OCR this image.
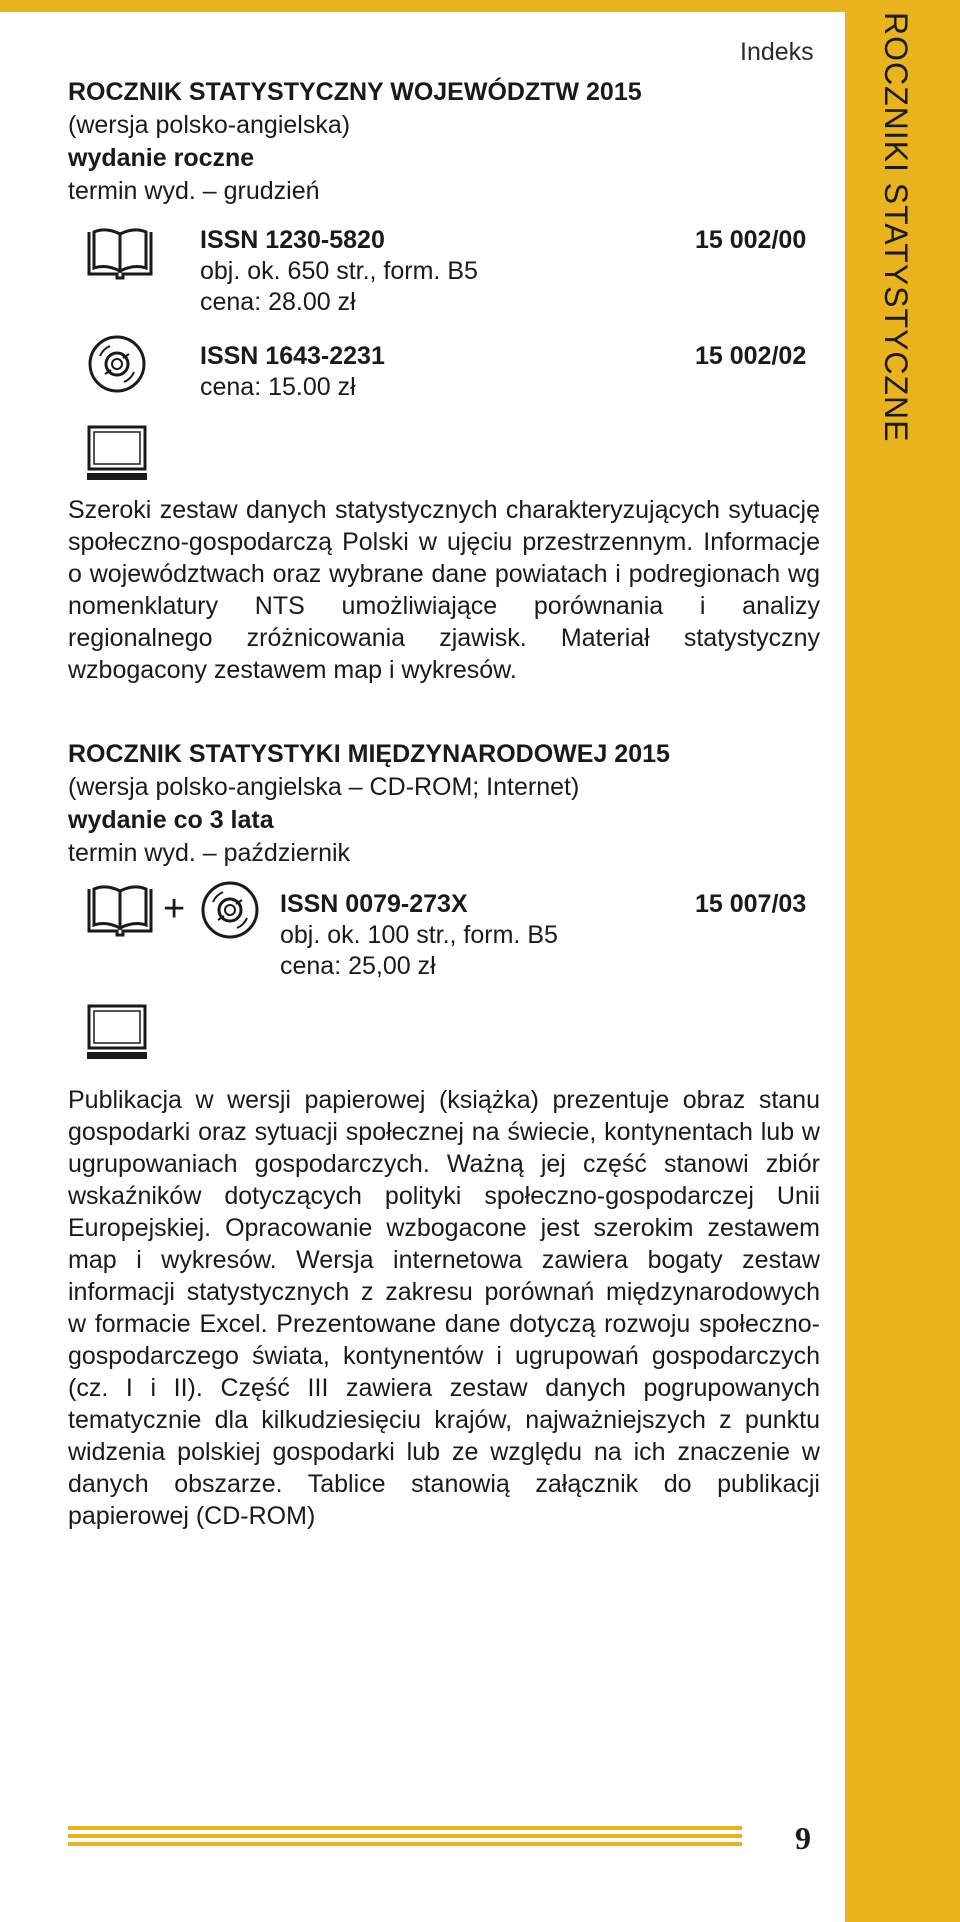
ROCZNIKI STATYSTYCZNE
Indeks
ROCZNIK STATYSTYCZNY WOJEWÓDZTW 2015
(wersja polsko-angielska)
wydanie roczne
termin wyd. – grudzień
ISSN 1230-5820	15 002/00
obj. ok. 650 str., form. B5
cena: 28.00 zł
ISSN 1643-2231	15 002/02
cena: 15.00 zł
Szeroki zestaw danych statystycznych charakteryzujących sytuację społeczno-gospodarczą Polski w ujęciu przestrzennym. Informacje o województwach oraz wybrane dane powiatach i podregionach wg nomenklatury NTS umożliwiające porównania i analizy regionalnego zróżnicowania zjawisk. Materiał statystyczny wzbogacony zestawem map i wykresów.
ROCZNIK STATYSTYKI MIĘDZYNARODOWEJ 2015
(wersja polsko-angielska – CD-ROM; Internet)
wydanie co 3 lata
termin wyd. – październik
+	ISSN 0079-273X	15 007/03
obj. ok. 100 str., form. B5
cena: 25,00 zł
Publikacja w wersji papierowej (książka) prezentuje obraz stanu gospodarki oraz sytuacji społecznej na świecie, kontynentach lub w ugrupowaniach gospodarczych. Ważną jej część stanowi zbiór wskaźników dotyczących polityki społeczno-gospodarczej Unii Europejskiej. Opracowanie wzbogacone jest szerokim zestawem map i wykresów. Wersja internetowa zawiera bogaty zestaw informacji statystycznych z zakresu porównań międzynarodowych w formacie Excel. Prezentowane dane dotyczą rozwoju społeczno-gospodarczego świata, kontynentów i ugrupowań gospodarczych (cz. I i II). Część III zawiera zestaw danych pogrupowanych tematycznie dla kilkudziesięciu krajów, najważniejszych z punktu widzenia polskiej gospodarki lub ze względu na ich znaczenie w danych obszarze. Tablice stanowią załącznik do publikacji papierowej (CD-ROM)
9
